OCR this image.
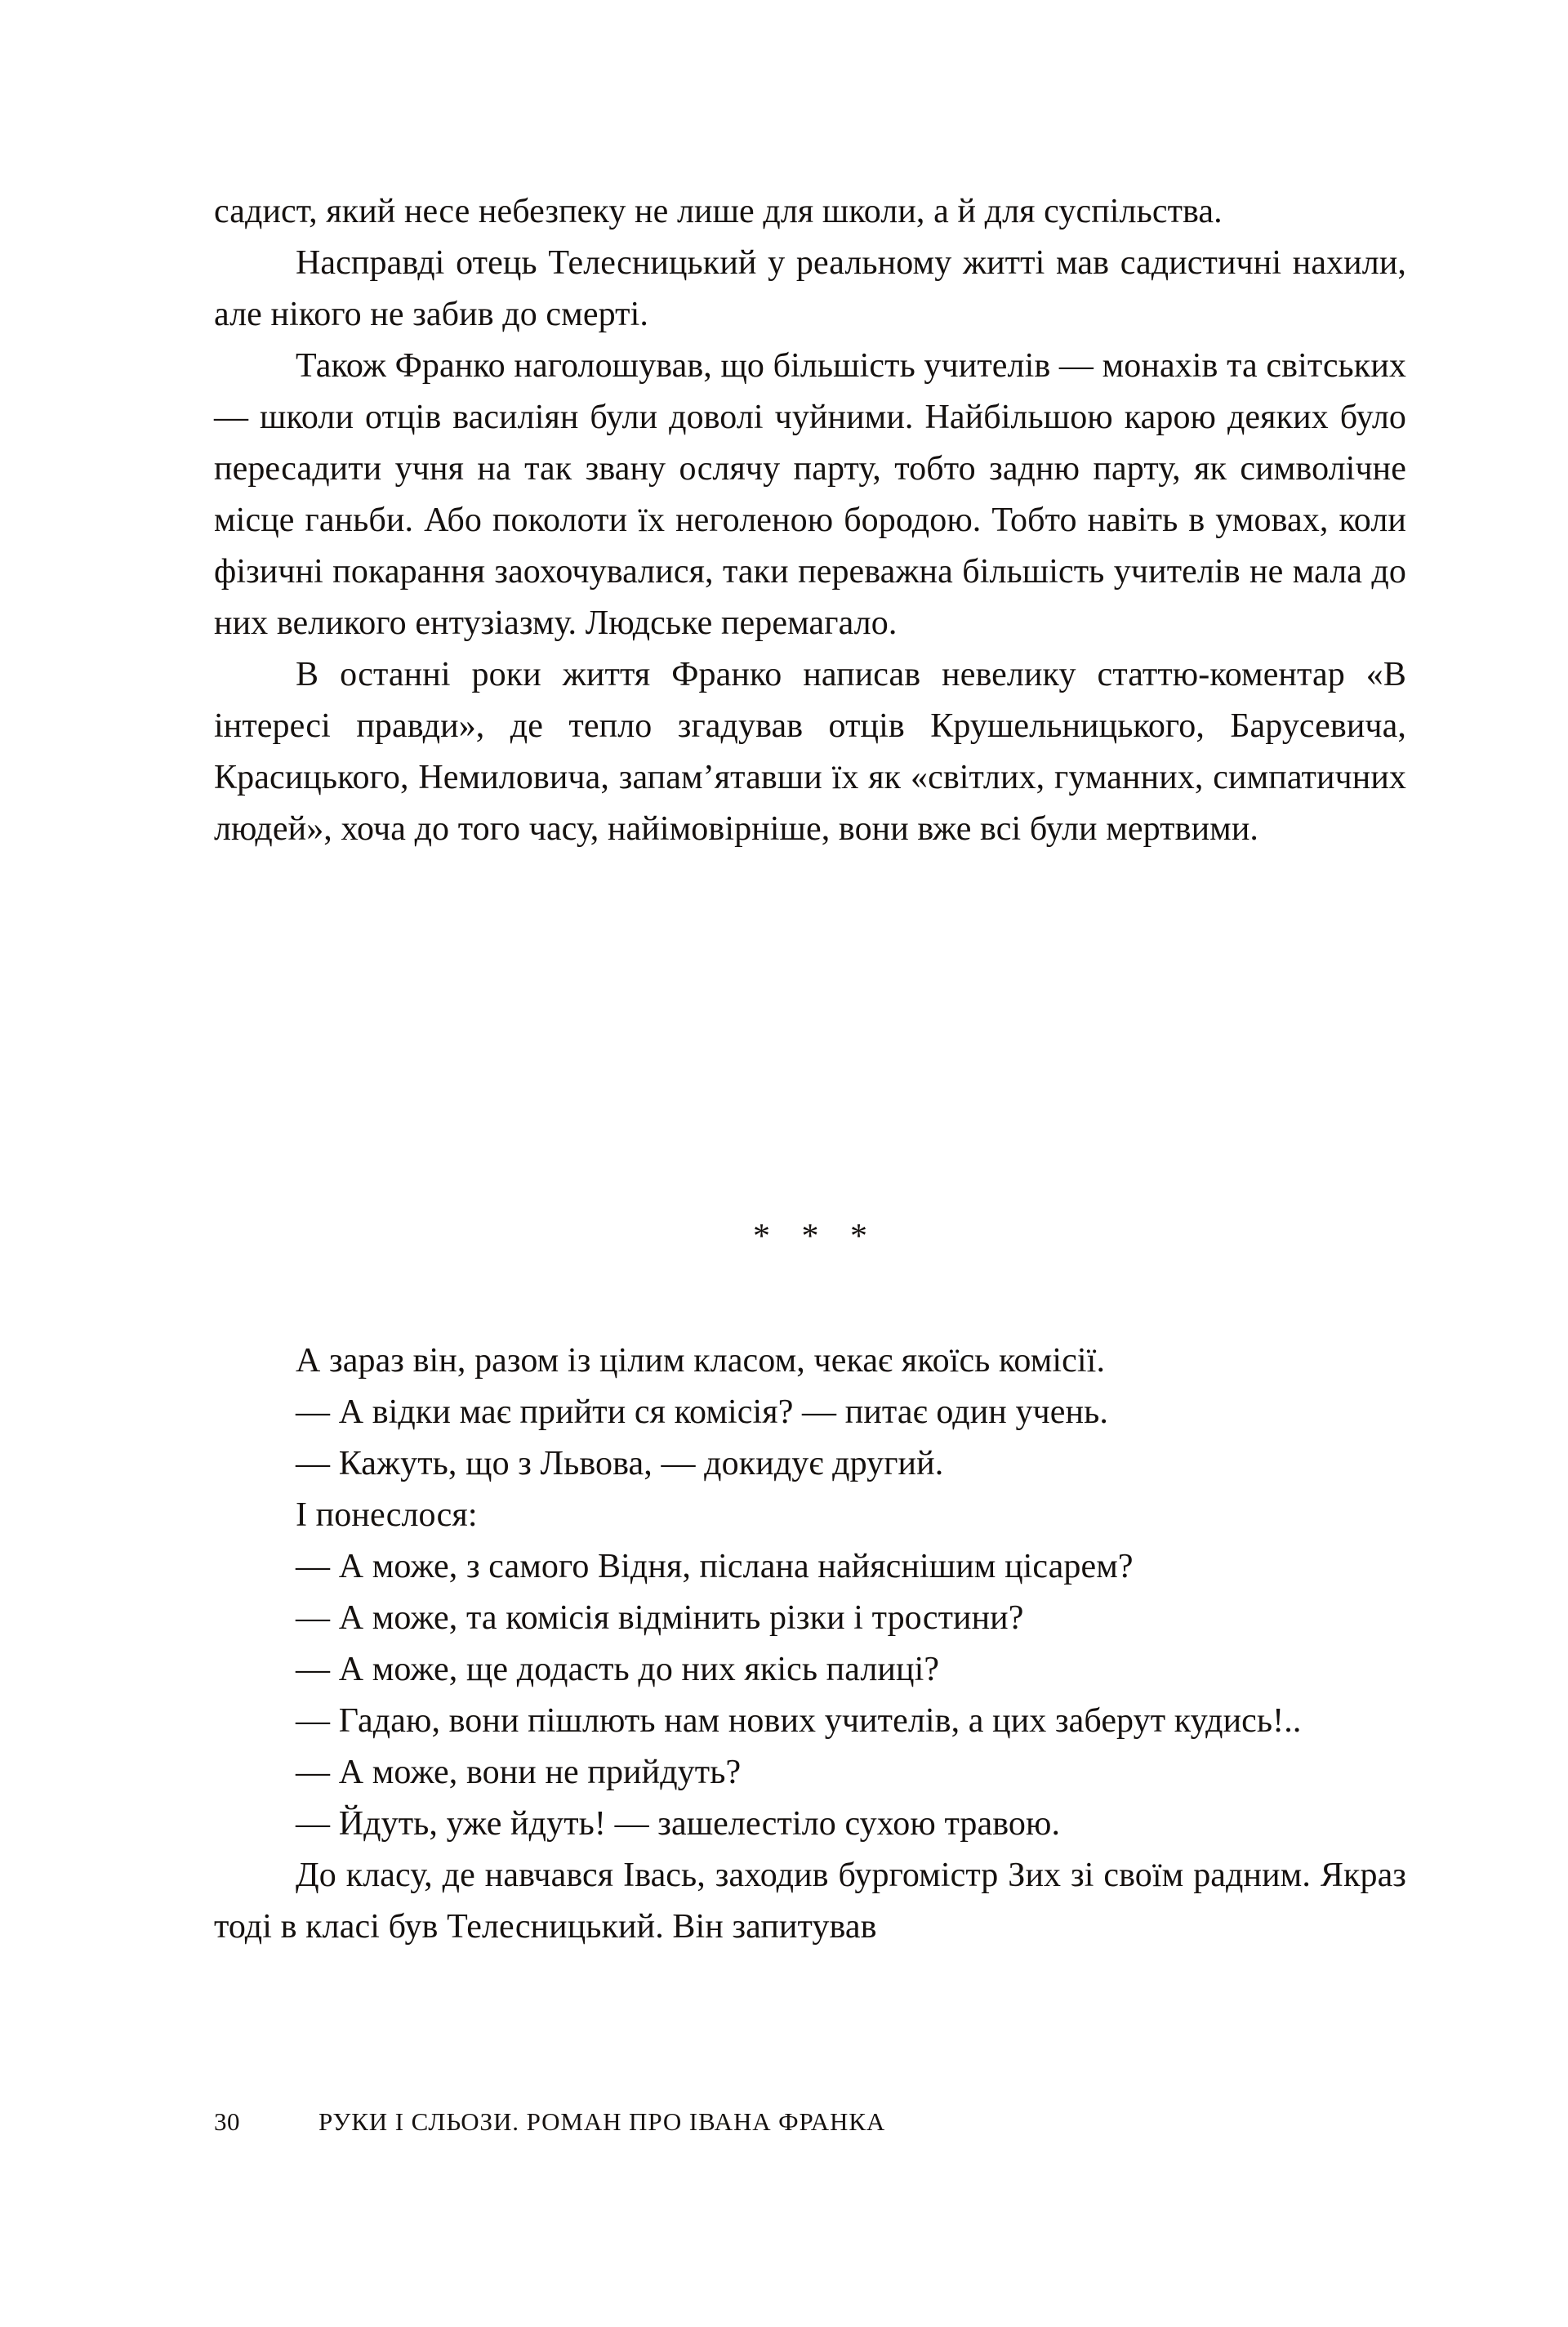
садист, який несе небезпеку не лише для школи, а й для суспільства.

Насправді отець Телесницький у реальному житті мав садистичні нахили, але нікого не забив до смерті.

Також Франко наголошував, що більшість учителів — монахів та світських — школи отців василіян були доволі чуйними. Найбільшою карою деяких було пересадити учня на так звану ослячу парту, тобто задню парту, як символічне місце ганьби. Або поколоти їх неголеною бородою. Тобто навіть в умовах, коли фізичні покарання заохочувалися, таки переважна більшість учителів не мала до них великого ентузіазму. Людське перемагало.

В останні роки життя Франко написав невелику статтю-коментар «В інтересі правди», де тепло згадував отців Крушельницького, Барусевича, Красицького, Немиловича, запам’ятавши їх як «світлих, гуманних, симпатичних людей», хоча до того часу, найімовірніше, вони вже всі були мертвими.

* * *

А зараз він, разом із цілим класом, чекає якоїсь комісії.

— А відки має прийти ся комісія? — питає один учень.

— Кажуть, що з Львова, — докидує другий.

І понеслося:

— А може, з самого Відня, післана найяснішим цісарем?

— А може, та комісія відмінить різки і тростини?

— А може, ще додасть до них якісь палиці?

— Гадаю, вони пішлють нам нових учителів, а цих заберут кудись!..

— А може, вони не прийдуть?

— Йдуть, уже йдуть! — зашелестіло сухою травою.

До класу, де навчався Івась, заходив бургомістр Зих зі своїм радним. Якраз тоді в класі був Телесницький. Він запитував

30	РУКИ І СЛЬОЗИ. РОМАН ПРО ІВАНА ФРАНКА
